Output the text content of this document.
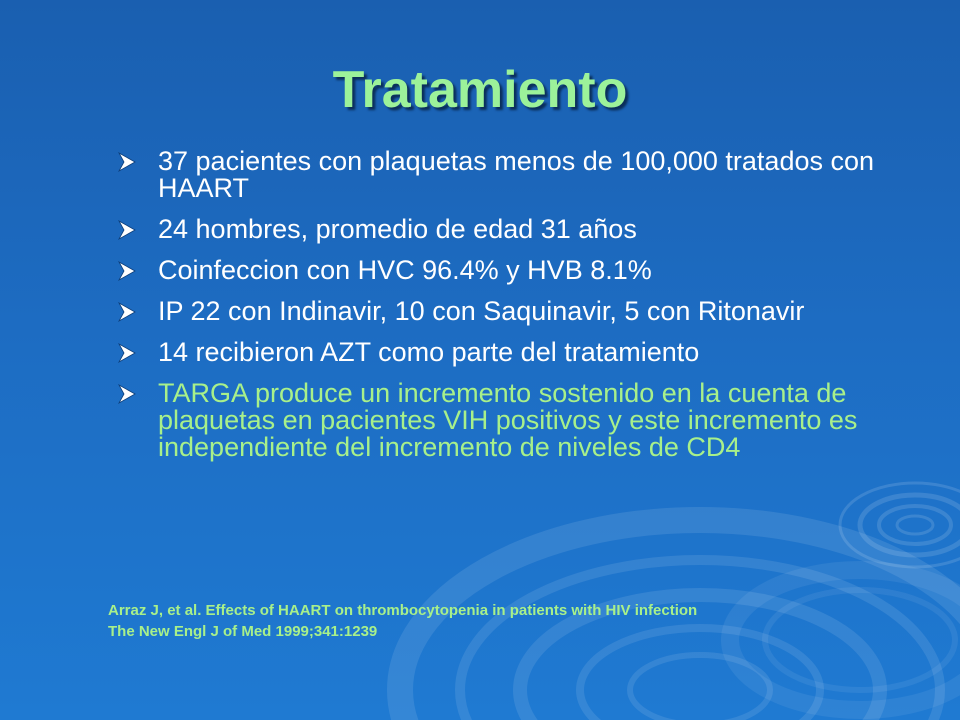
Tratamiento
37 pacientes con plaquetas menos de 100,000 tratados con HAART
24 hombres, promedio de edad 31 años
Coinfeccion con HVC 96.4% y HVB 8.1%
IP 22 con Indinavir, 10 con Saquinavir, 5 con Ritonavir
14 recibieron AZT como parte del tratamiento
TARGA produce un incremento sostenido en la cuenta de plaquetas en pacientes VIH positivos y este incremento es independiente del incremento de niveles de CD4
Arraz J, et al. Effects of HAART on thrombocytopenia in patients with HIV infection
The New Engl J of Med 1999;341:1239
